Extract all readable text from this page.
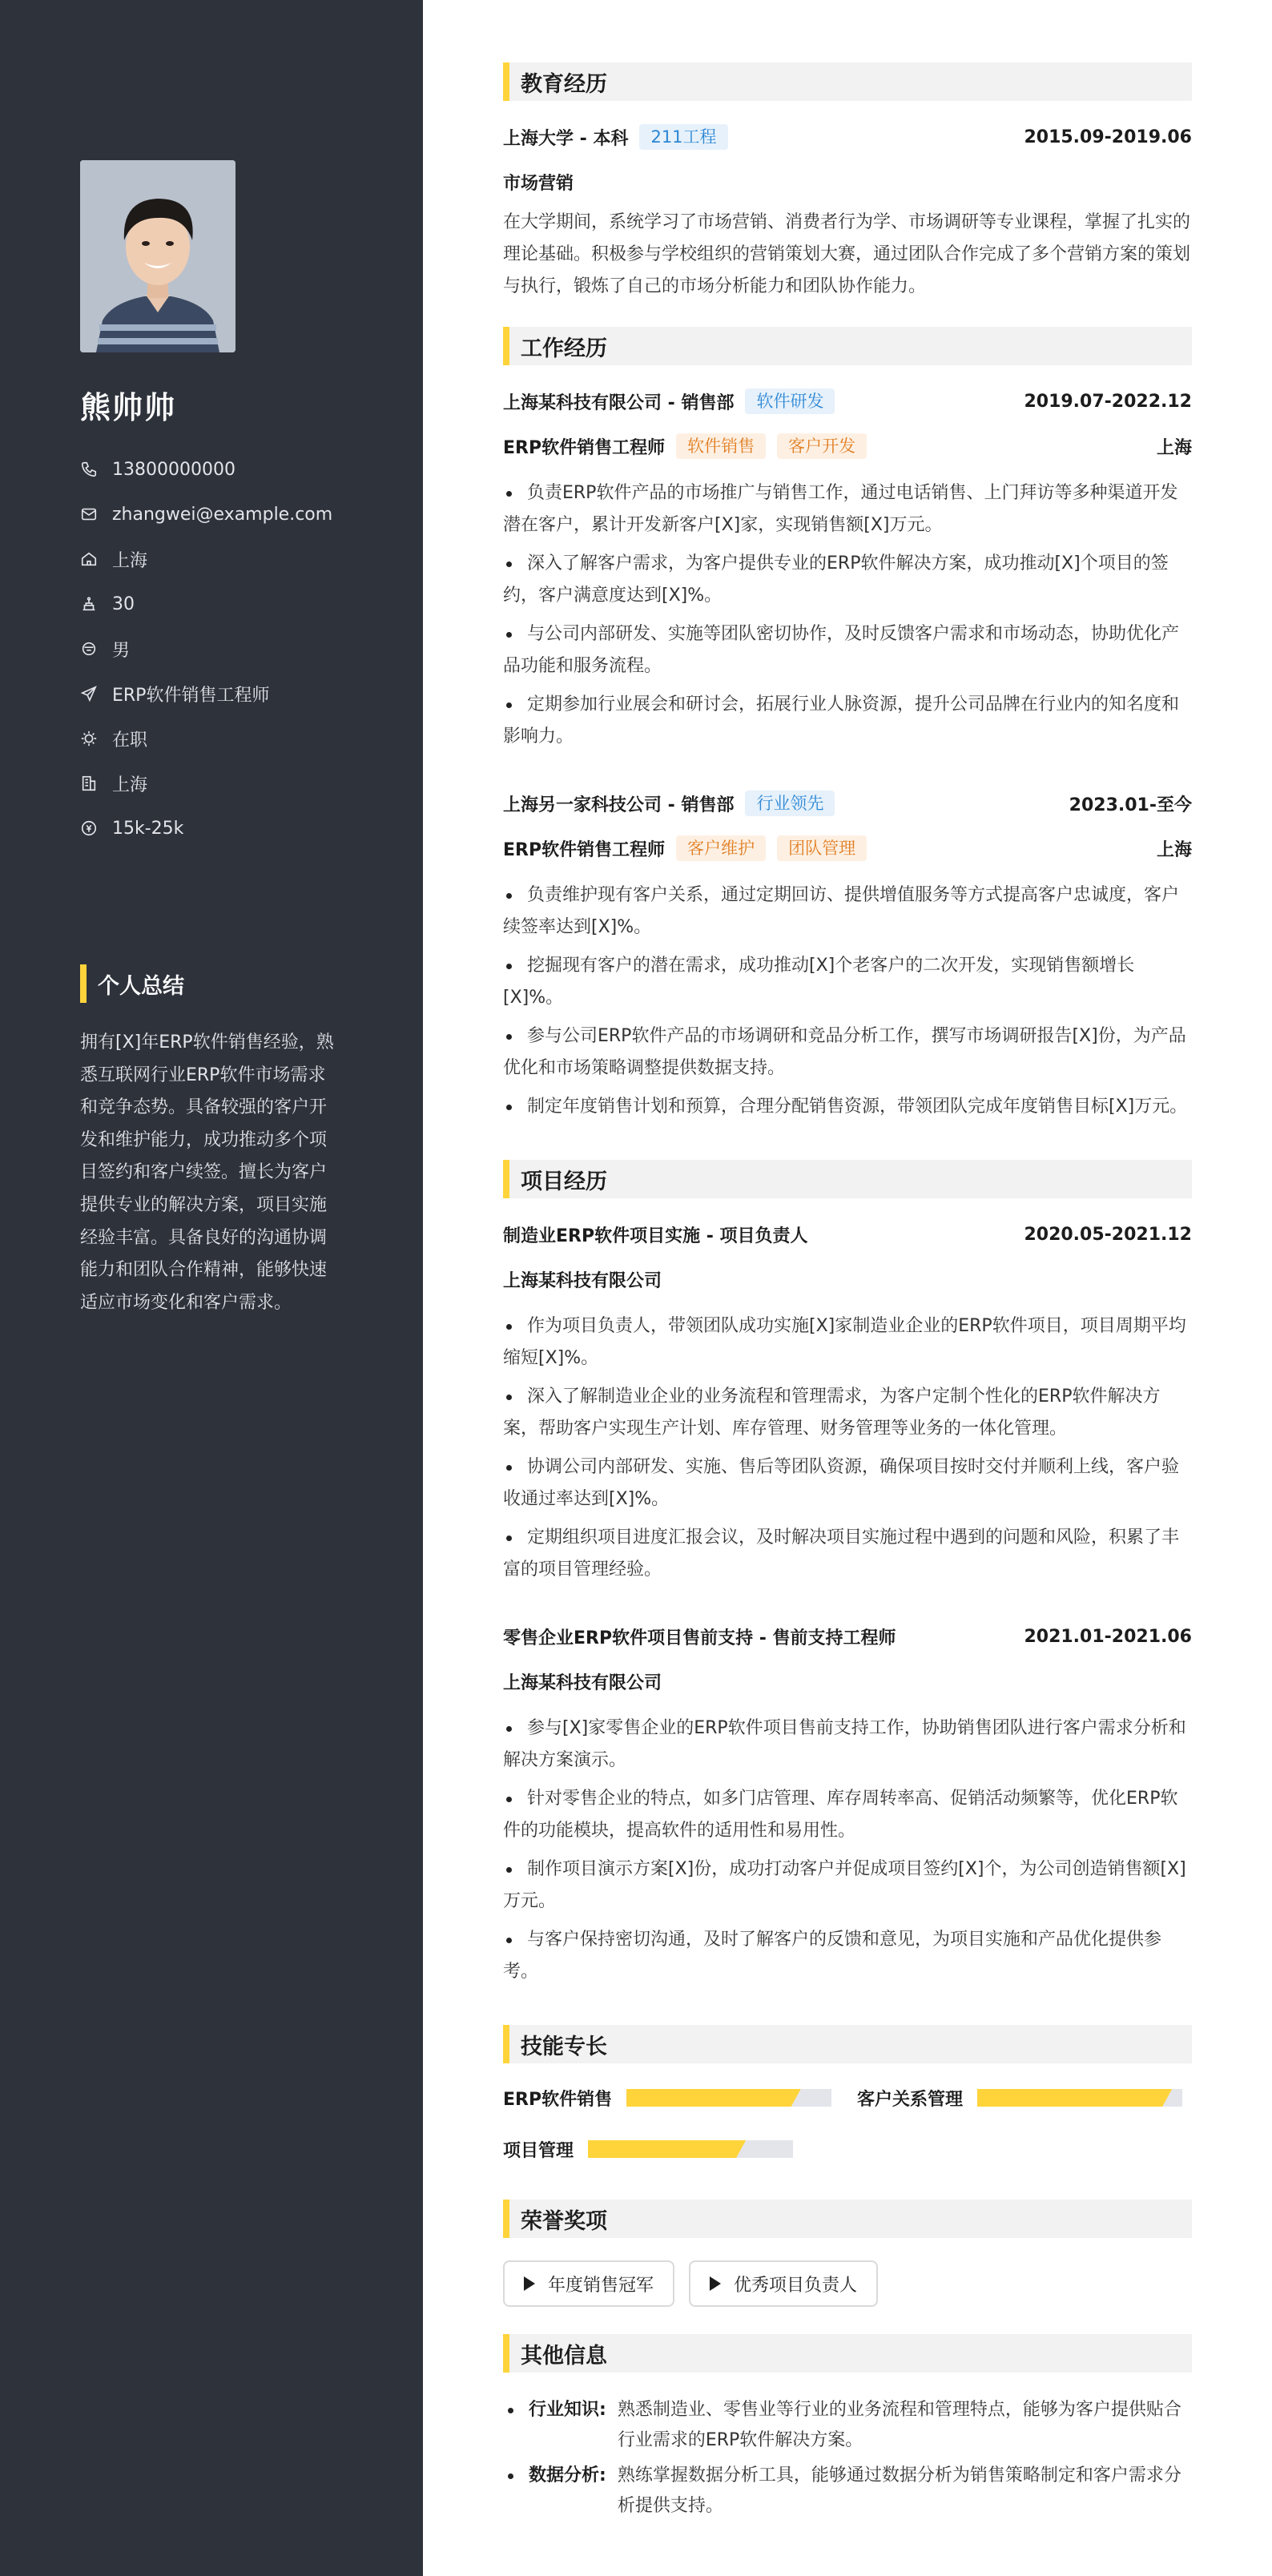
熊帅帅
13800000000
zhangwei@example.com
上海
30
男
ERP软件销售工程师
在职
上海
15k-25k
个人总结
拥有[X]年ERP软件销售经验，熟悉互联网行业ERP软件市场需求和竞争态势。具备较强的客户开发和维护能力，成功推动多个项目签约和客户续签。擅长为客户提供专业的解决方案，项目实施经验丰富。具备良好的沟通协调能力和团队合作精神，能够快速适应市场变化和客户需求。
教育经历
上海大学 - 本科	211工程	2015.09-2019.06
市场营销
在大学期间，系统学习了市场营销、消费者行为学、市场调研等专业课程，掌握了扎实的理论基础。积极参与学校组织的营销策划大赛，通过团队合作完成了多个营销方案的策划与执行，锻炼了自己的市场分析能力和团队协作能力。
工作经历
上海某科技有限公司 - 销售部	软件研发	2019.07-2022.12
ERP软件销售工程师	软件销售	客户开发	上海
负责ERP软件产品的市场推广与销售工作，通过电话销售、上门拜访等多种渠道开发潜在客户，累计开发新客户[X]家，实现销售额[X]万元。
深入了解客户需求，为客户提供专业的ERP软件解决方案，成功推动[X]个项目的签约，客户满意度达到[X]%。
与公司内部研发、实施等团队密切协作，及时反馈客户需求和市场动态，协助优化产品功能和服务流程。
定期参加行业展会和研讨会，拓展行业人脉资源，提升公司品牌在行业内的知名度和影响力。
上海另一家科技公司 - 销售部	行业领先	2023.01-至今
ERP软件销售工程师	客户维护	团队管理	上海
负责维护现有客户关系，通过定期回访、提供增值服务等方式提高客户忠诚度，客户续签率达到[X]%。
挖掘现有客户的潜在需求，成功推动[X]个老客户的二次开发，实现销售额增长[X]%。
参与公司ERP软件产品的市场调研和竞品分析工作，撰写市场调研报告[X]份，为产品优化和市场策略调整提供数据支持。
制定年度销售计划和预算，合理分配销售资源，带领团队完成年度销售目标[X]万元。
项目经历
制造业ERP软件项目实施 - 项目负责人	2020.05-2021.12
上海某科技有限公司
作为项目负责人，带领团队成功实施[X]家制造业企业的ERP软件项目，项目周期平均缩短[X]%。
深入了解制造业企业的业务流程和管理需求，为客户定制个性化的ERP软件解决方案，帮助客户实现生产计划、库存管理、财务管理等业务的一体化管理。
协调公司内部研发、实施、售后等团队资源，确保项目按时交付并顺利上线，客户验收通过率达到[X]%。
定期组织项目进度汇报会议，及时解决项目实施过程中遇到的问题和风险，积累了丰富的项目管理经验。
零售企业ERP软件项目售前支持 - 售前支持工程师	2021.01-2021.06
上海某科技有限公司
参与[X]家零售企业的ERP软件项目售前支持工作，协助销售团队进行客户需求分析和解决方案演示。
针对零售企业的特点，如多门店管理、库存周转率高、促销活动频繁等，优化ERP软件的功能模块，提高软件的适用性和易用性。
制作项目演示方案[X]份，成功打动客户并促成项目签约[X]个，为公司创造销售额[X]万元。
与客户保持密切沟通，及时了解客户的反馈和意见，为项目实施和产品优化提供参考。
技能专长
ERP软件销售	客户关系管理
项目管理
荣誉奖项
年度销售冠军	优秀项目负责人
其他信息
行业知识: 熟悉制造业、零售业等行业的业务流程和管理特点，能够为客户提供贴合行业需求的ERP软件解决方案。
数据分析: 熟练掌握数据分析工具，能够通过数据分析为销售策略制定和客户需求分析提供支持。
